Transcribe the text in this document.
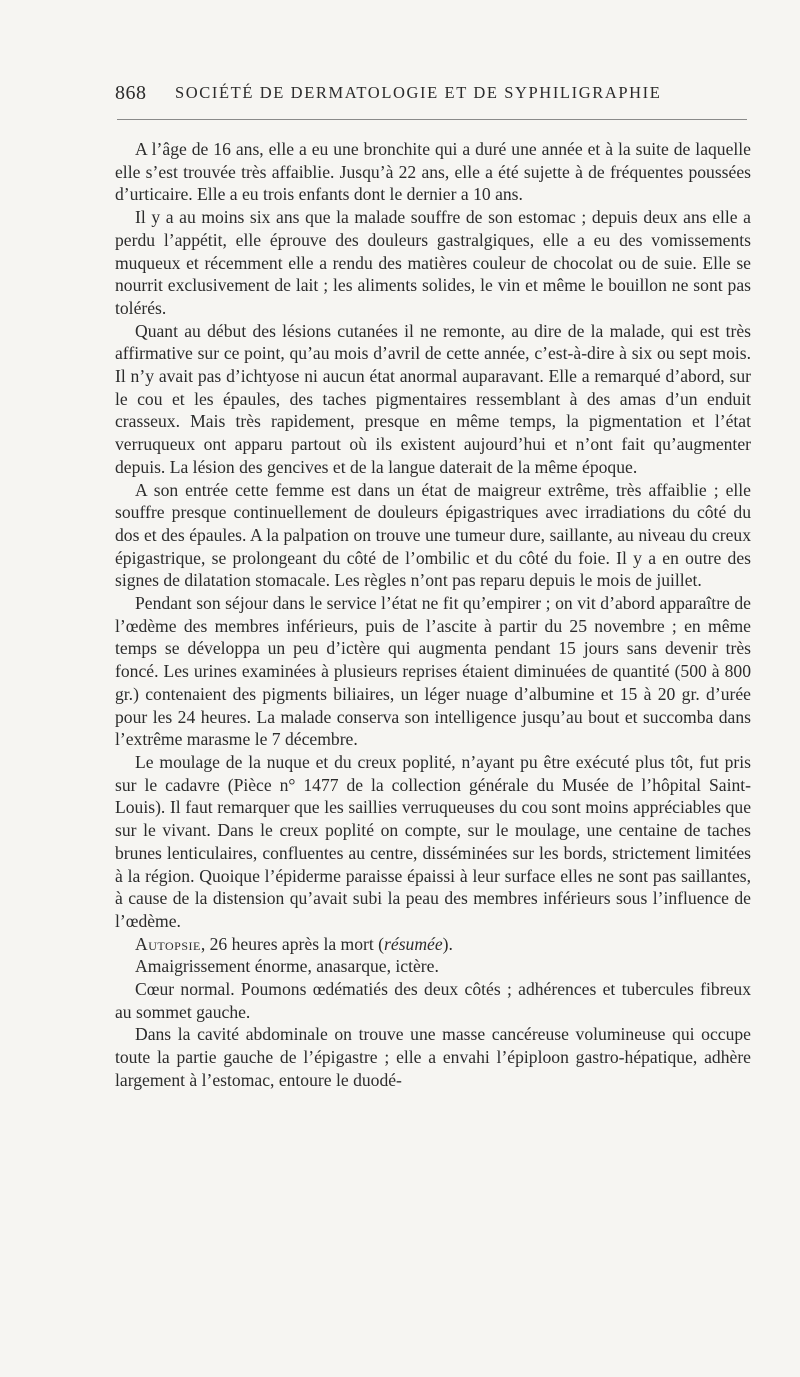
868 SOCIÉTÉ DE DERMATOLOGIE ET DE SYPHILIGRAPHIE

A l’âge de 16 ans, elle a eu une bronchite qui a duré une année et à la suite de laquelle elle s’est trouvée très affaiblie. Jusqu’à 22 ans, elle a été sujette à de fréquentes poussées d’urticaire. Elle a eu trois enfants dont le dernier a 10 ans.

Il y a au moins six ans que la malade souffre de son estomac ; depuis deux ans elle a perdu l’appétit, elle éprouve des douleurs gastralgiques, elle a eu des vomissements muqueux et récemment elle a rendu des matières couleur de chocolat ou de suie. Elle se nourrit exclusivement de lait ; les aliments solides, le vin et même le bouillon ne sont pas tolérés.

Quant au début des lésions cutanées il ne remonte, au dire de la malade, qui est très affirmative sur ce point, qu’au mois d’avril de cette année, c’est-à-dire à six ou sept mois. Il n’y avait pas d’ichtyose ni aucun état anormal auparavant. Elle a remarqué d’abord, sur le cou et les épaules, des taches pigmentaires ressemblant à des amas d’un enduit crasseux. Mais très rapidement, presque en même temps, la pigmentation et l’état verruqueux ont apparu partout où ils existent aujourd’hui et n’ont fait qu’augmenter depuis. La lésion des gencives et de la langue daterait de la même époque.

A son entrée cette femme est dans un état de maigreur extrême, très affaiblie ; elle souffre presque continuellement de douleurs épigastriques avec irradiations du côté du dos et des épaules. A la palpation on trouve une tumeur dure, saillante, au niveau du creux épigastrique, se prolongeant du côté de l’ombilic et du côté du foie. Il y a en outre des signes de dilatation stomacale. Les règles n’ont pas reparu depuis le mois de juillet.

Pendant son séjour dans le service l’état ne fit qu’empirer ; on vit d’abord apparaître de l’œdème des membres inférieurs, puis de l’ascite à partir du 25 novembre ; en même temps se développa un peu d’ictère qui augmenta pendant 15 jours sans devenir très foncé. Les urines examinées à plusieurs reprises étaient diminuées de quantité (500 à 800 gr.) contenaient des pigments biliaires, un léger nuage d’albumine et 15 à 20 gr. d’urée pour les 24 heures. La malade conserva son intelligence jusqu’au bout et succomba dans l’extrême marasme le 7 décembre.

Le moulage de la nuque et du creux poplité, n’ayant pu être exécuté plus tôt, fut pris sur le cadavre (Pièce n° 1477 de la collection générale du Musée de l’hôpital Saint-Louis). Il faut remarquer que les saillies verruqueuses du cou sont moins appréciables que sur le vivant. Dans le creux poplité on compte, sur le moulage, une centaine de taches brunes lenticulaires, confluentes au centre, disséminées sur les bords, strictement limitées à la région. Quoique l’épiderme paraisse épaissi à leur surface elles ne sont pas saillantes, à cause de la distension qu’avait subi la peau des membres inférieurs sous l’influence de l’œdème.

Autopsie, 26 heures après la mort (résumée).

Amaigrissement énorme, anasarque, ictère.

Cœur normal. Poumons œdématiés des deux côtés ; adhérences et tubercules fibreux au sommet gauche.

Dans la cavité abdominale on trouve une masse cancéreuse volumineuse qui occupe toute la partie gauche de l’épigastre ; elle a envahi l’épiploon gastro-hépatique, adhère largement à l’estomac, entoure le duodé-
